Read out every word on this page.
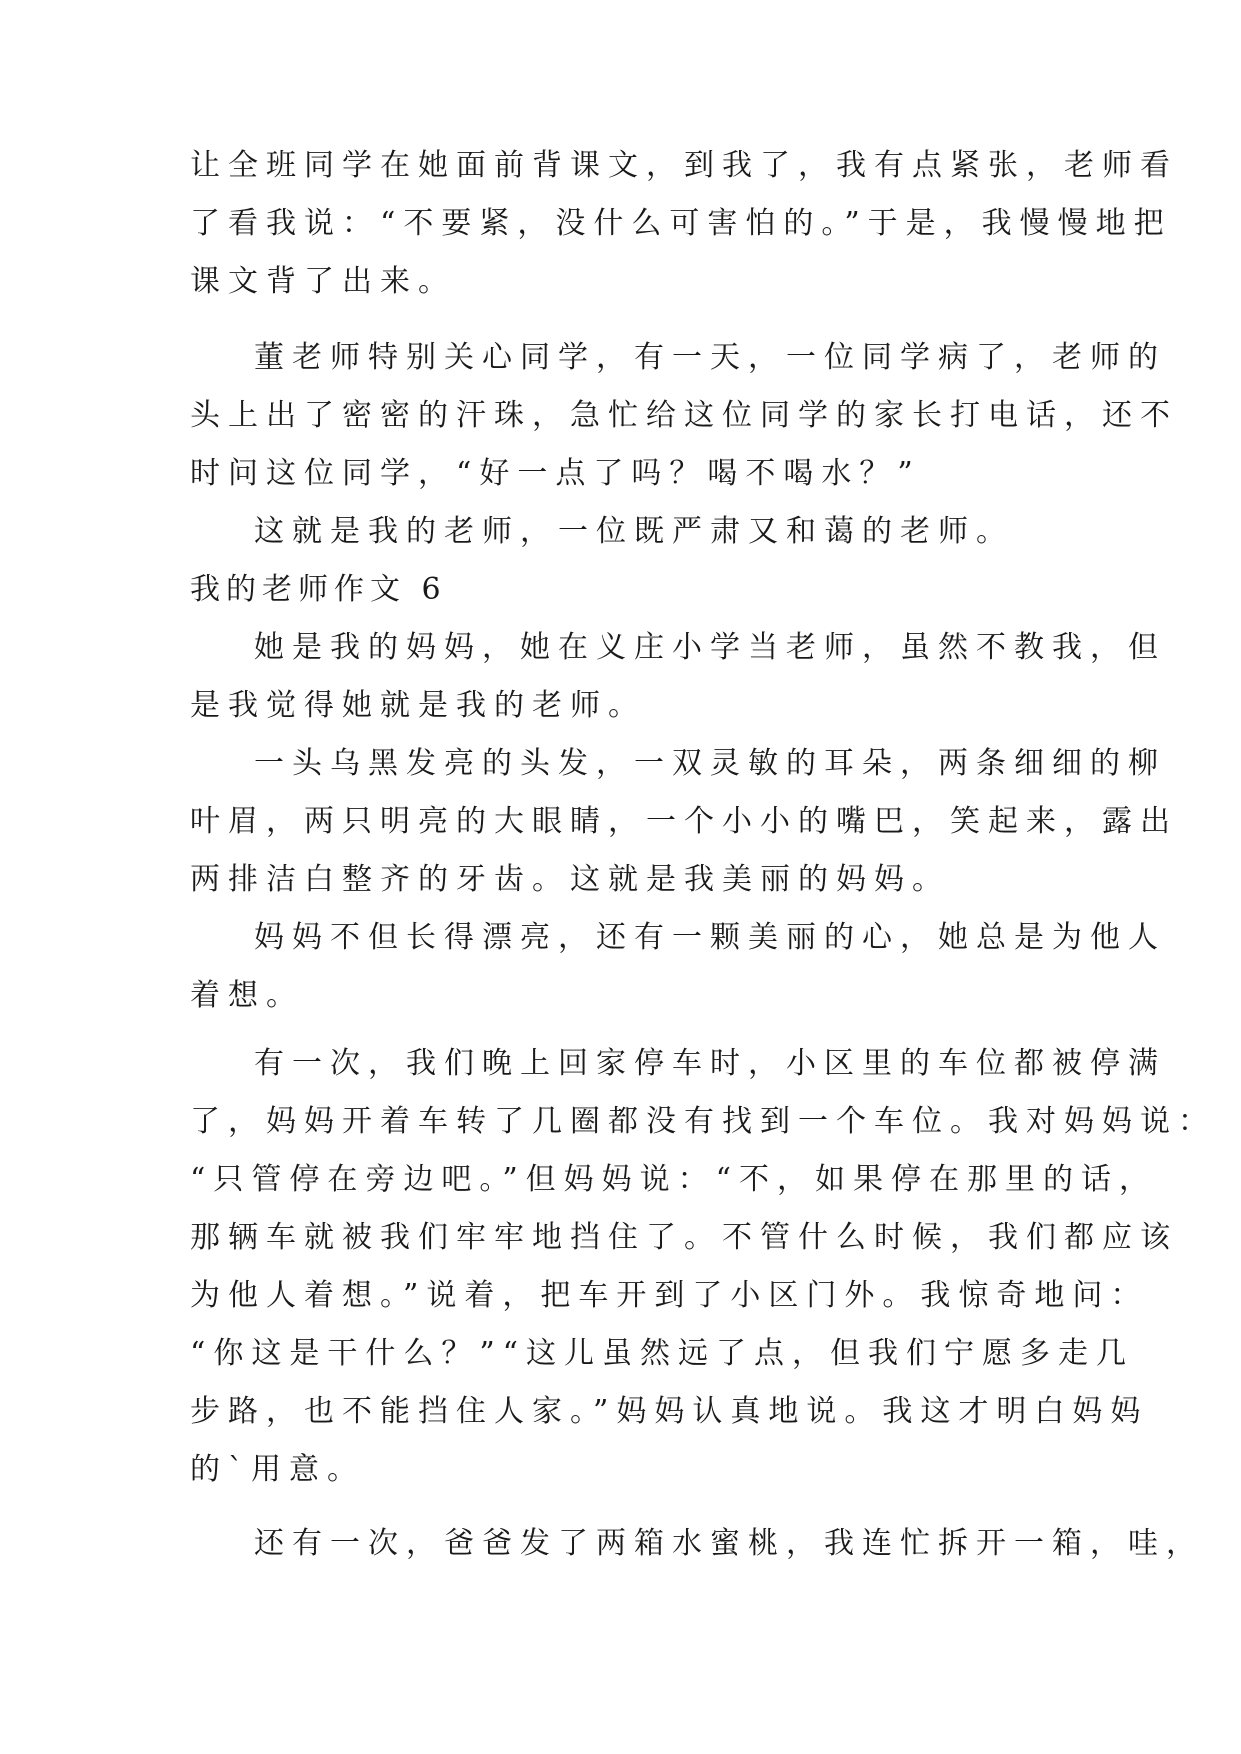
让全班同学在她面前背课文，到我了，我有点紧张，老师看
了看我说：“不要紧，没什么可害怕的。”于是，我慢慢地把
课文背了出来。
董老师特别关心同学，有一天，一位同学病了，老师的
头上出了密密的汗珠，急忙给这位同学的家长打电话，还不
时问这位同学，“好一点了吗？喝不喝水？”
这就是我的老师，一位既严肃又和蔼的老师。
我的老师作文 6
她是我的妈妈，她在义庄小学当老师，虽然不教我，但
是我觉得她就是我的老师。
一头乌黑发亮的头发，一双灵敏的耳朵，两条细细的柳
叶眉，两只明亮的大眼睛，一个小小的嘴巴，笑起来，露出
两排洁白整齐的牙齿。这就是我美丽的妈妈。
妈妈不但长得漂亮，还有一颗美丽的心，她总是为他人
着想。
有一次，我们晚上回家停车时，小区里的车位都被停满
了，妈妈开着车转了几圈都没有找到一个车位。我对妈妈说：
“只管停在旁边吧。”但妈妈说：“不，如果停在那里的话，
那辆车就被我们牢牢地挡住了。不管什么时候，我们都应该
为他人着想。”说着，把车开到了小区门外。我惊奇地问：
“你这是干什么？”“这儿虽然远了点，但我们宁愿多走几
步路，也不能挡住人家。”妈妈认真地说。我这才明白妈妈
的`用意。
还有一次，爸爸发了两箱水蜜桃，我连忙拆开一箱，哇，
